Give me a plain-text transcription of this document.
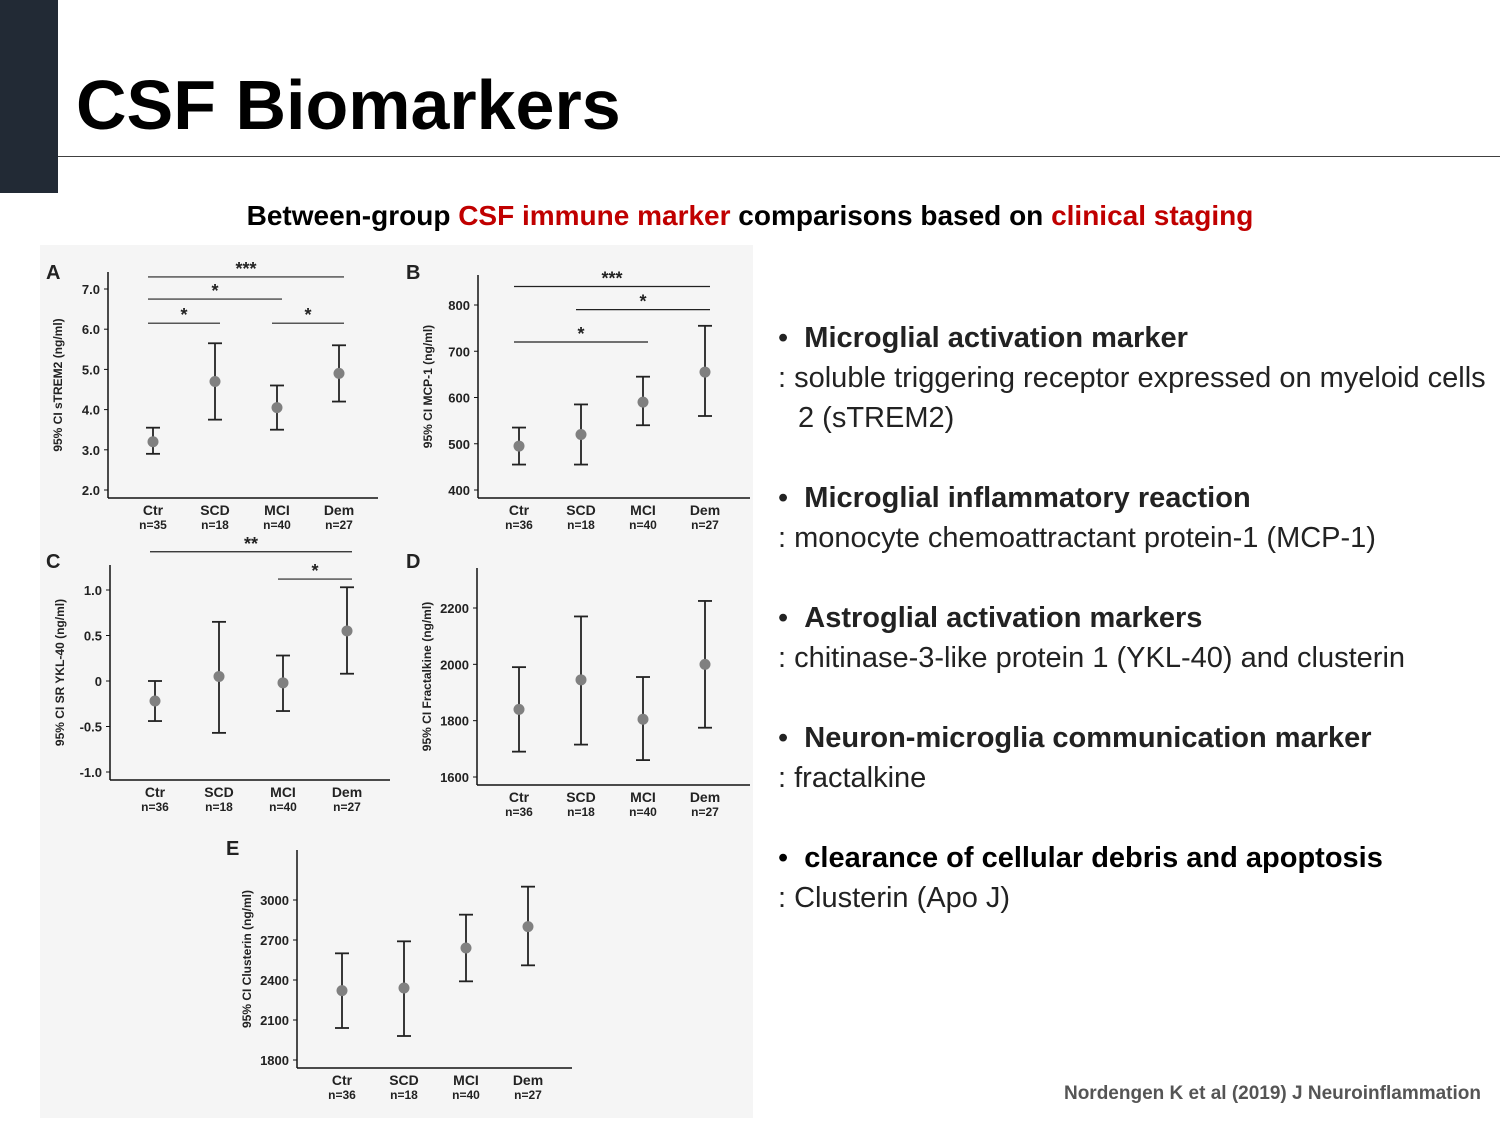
CSF Biomarkers
Between-group CSF immune marker comparisons based on clinical staging
A
95% CI sTREM2 (ng/ml)
2.0
3.0
4.0
5.0
6.0
7.0
Ctr
n=35
SCD
n=18
MCI
n=40
Dem
n=27
***
*
*	*
B
95% CI MCP-1 (ng/ml)
400
500
600
700
800
Ctr
n=36
SCD
n=18
MCI
n=40
Dem
n=27
***
*
*
C
95% CI SR YKL-40 (ng/ml)
-1.0
-0.5
0
0.5
1.0
Ctr
n=36
SCD
n=18
MCI
n=40
Dem
n=27
**
*	D
95% CI Fractalkine (ng/ml)
1600
1800
2000
2200
Ctr
n=36
SCD
n=18
MCI
n=40
Dem
n=27
E
95% CI Clusterin (ng/ml)
1800
2100
2400
2700
3000
Ctr
n=36
SCD
n=18
MCI
n=40
Dem
n=27
•  Microglial activation marker
: soluble triggering receptor expressed on myeloid cells 2 (sTREM2)
•  Microglial inflammatory reaction
: monocyte chemoattractant protein-1 (MCP-1)
•  Astroglial activation markers
: chitinase-3-like protein 1 (YKL-40) and clusterin
•  Neuron-microglia communication marker
: fractalkine
•  clearance of cellular debris and apoptosis
: Clusterin (Apo J)
Nordengen K et al (2019) J Neuroinflammation
